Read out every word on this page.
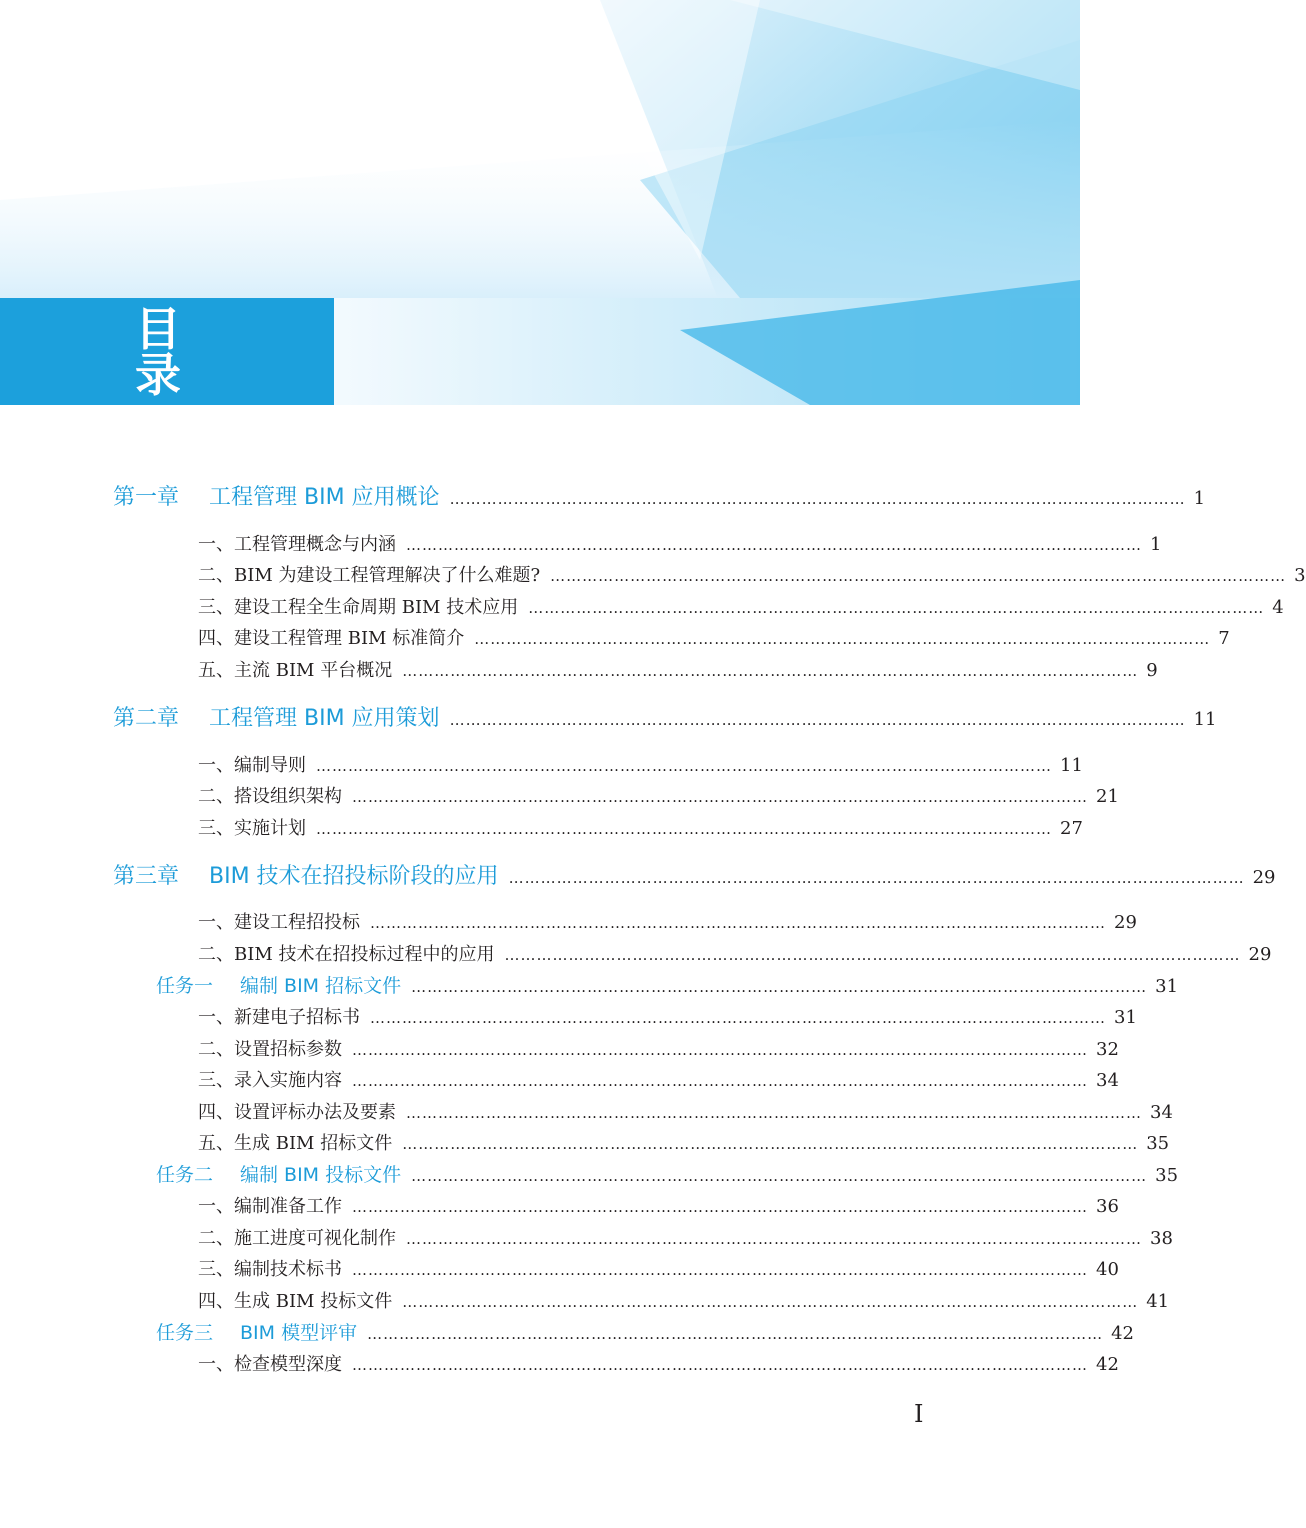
目 录
第一章 工程管理 BIM 应用概论 ………………………………………………………………………………………………………………………… 1
一、工程管理概念与内涵 ………………………………………………………………………………………………………………………… 1
二、BIM 为建设工程管理解决了什么难题? ………………………………………………………………………………………………………………………… 3
三、建设工程全生命周期 BIM 技术应用 ………………………………………………………………………………………………………………………… 4
四、建设工程管理 BIM 标准简介 ………………………………………………………………………………………………………………………… 7
五、主流 BIM 平台概况 ………………………………………………………………………………………………………………………… 9
第二章 工程管理 BIM 应用策划 ………………………………………………………………………………………………………………………… 11
一、编制导则 ………………………………………………………………………………………………………………………… 11
二、搭设组织架构 ………………………………………………………………………………………………………………………… 21
三、实施计划 ………………………………………………………………………………………………………………………… 27
第三章 BIM 技术在招投标阶段的应用 ………………………………………………………………………………………………………………………… 29
一、建设工程招投标 ………………………………………………………………………………………………………………………… 29
二、BIM 技术在招投标过程中的应用 ………………………………………………………………………………………………………………………… 29
任务一 编制 BIM 招标文件 ………………………………………………………………………………………………………………………… 31
一、新建电子招标书 ………………………………………………………………………………………………………………………… 31
二、设置招标参数 ………………………………………………………………………………………………………………………… 32
三、录入实施内容 ………………………………………………………………………………………………………………………… 34
四、设置评标办法及要素 ………………………………………………………………………………………………………………………… 34
五、生成 BIM 招标文件 ………………………………………………………………………………………………………………………… 35
任务二 编制 BIM 投标文件 ………………………………………………………………………………………………………………………… 35
一、编制准备工作 ………………………………………………………………………………………………………………………… 36
二、施工进度可视化制作 ………………………………………………………………………………………………………………………… 38
三、编制技术标书 ………………………………………………………………………………………………………………………… 40
四、生成 BIM 投标文件 ………………………………………………………………………………………………………………………… 41
任务三 BIM 模型评审 ………………………………………………………………………………………………………………………… 42
一、检查模型深度 ………………………………………………………………………………………………………………………… 42
I
